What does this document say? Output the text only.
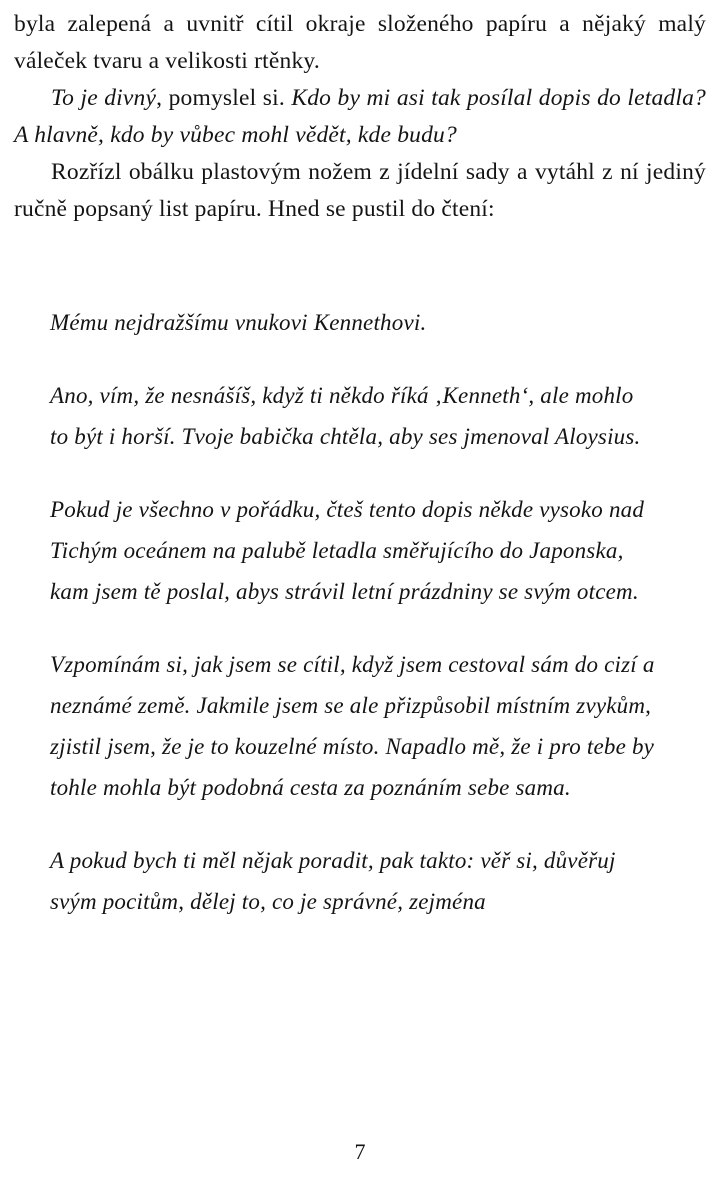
byla zalepená a uvnitř cítil okraje složeného papíru a nějaký malý váleček tvaru a velikosti rtěnky.

To je divný, pomyslel si. Kdo by mi asi tak posílal dopis do letadla? A hlavně, kdo by vůbec mohl vědět, kde budu?

Rozřízl obálku plastovým nožem z jídelní sady a vytáhl z ní jediný ručně popsaný list papíru. Hned se pustil do čtení:

Mému nejdražšímu vnukovi Kennethovi.

Ano, vím, že nesnášíš, když ti někdo říká ‚Kenneth‘, ale mohlo to být i horší. Tvoje babička chtěla, aby ses jmenoval Aloysius.

Pokud je všechno v pořádku, čteš tento dopis někde vysoko nad Tichým oceánem na palubě letadla směřujícího do Japonska, kam jsem tě poslal, abys strávil letní prázdniny se svým otcem.

Vzpomínám si, jak jsem se cítil, když jsem cestoval sám do cizí a neznámé země. Jakmile jsem se ale přizpůsobil místním zvykům, zjistil jsem, že je to kouzelné místo. Napadlo mě, že i pro tebe by tohle mohla být podobná cesta za poznáním sebe sama.

A pokud bych ti měl nějak poradit, pak takto: věř si, důvěřuj svým pocitům, dělej to, co je správné, zejména

7
